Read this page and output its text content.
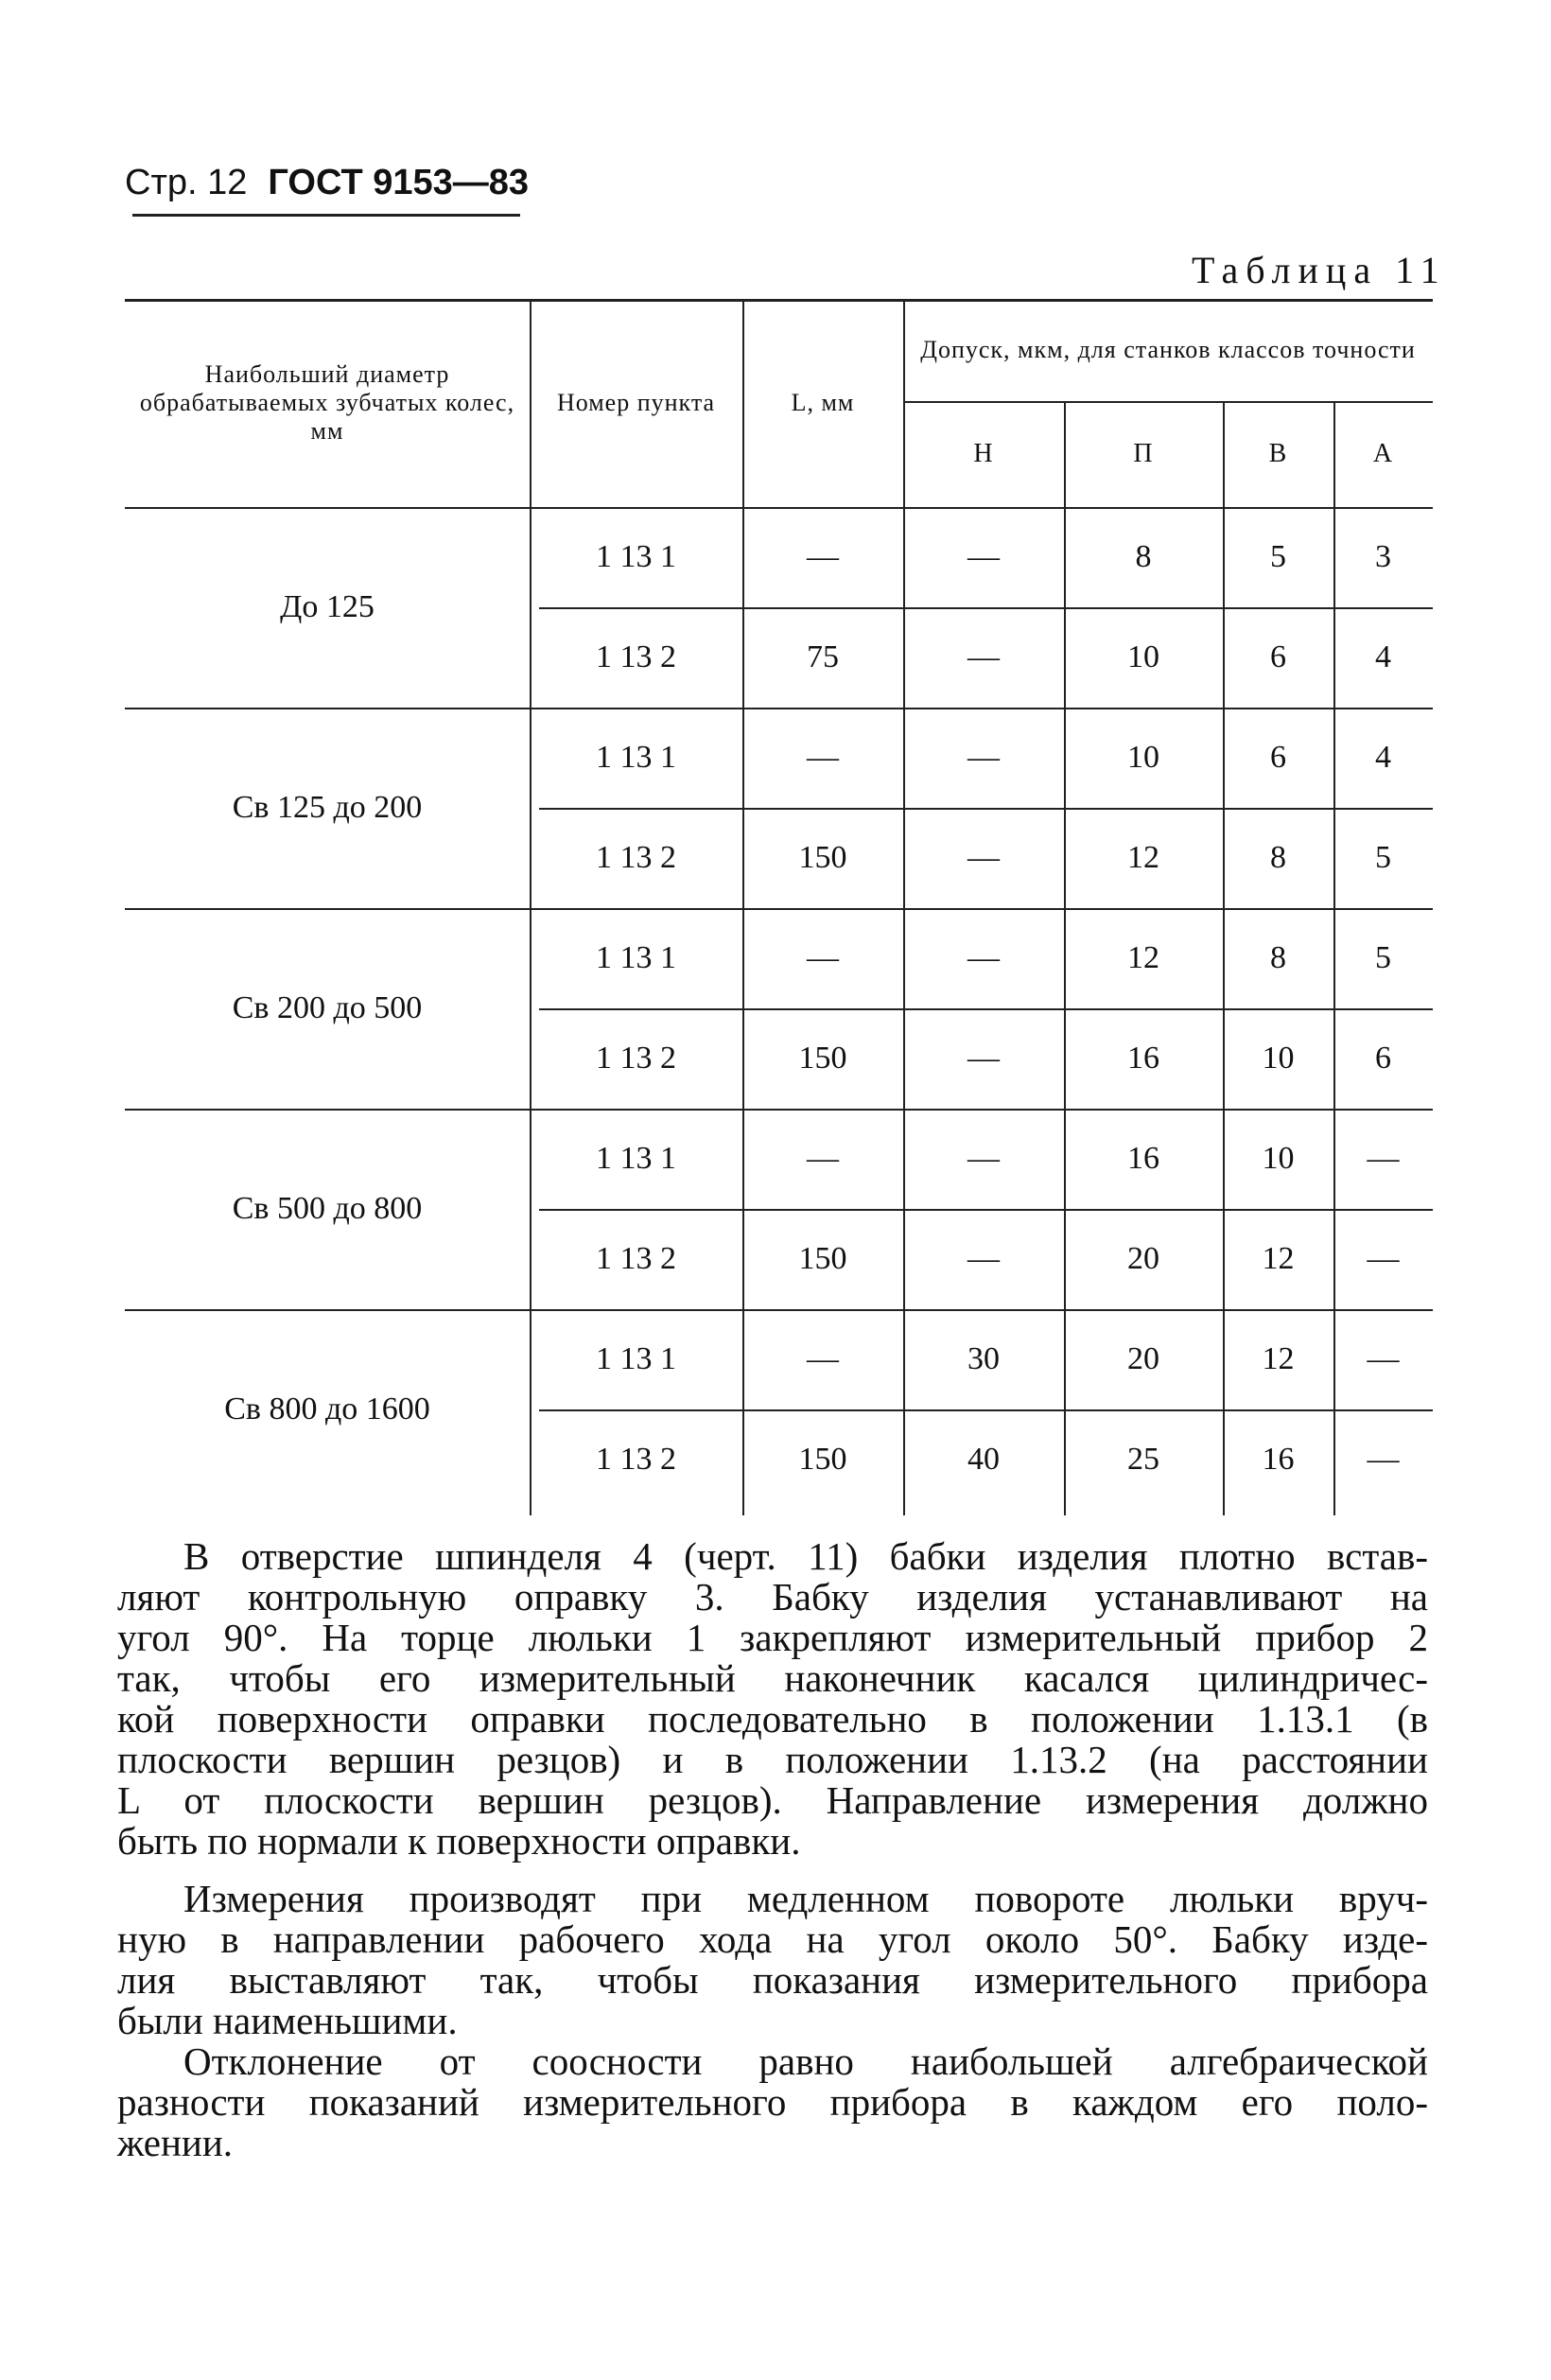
Стр. 12 ГОСТ 9153—83
Таблица 11
Наибольший диаметр обрабатываемых зубчатых колес, мм
Номер пункта	L, мм
Допуск, мкм, для станков классов точности
Н	П	В	А
До 125
1 13 1	—	—	8	5	3
1 13 2	75	—	10	6	4
Св 125 до 200
1 13 1	—	—	10	6	4
1 13 2	150	—	12	8	5
Св 200 до 500
1 13 1	—	—	12	8	5
1 13 2	150	—	16	10	6
Св 500 до 800
1 13 1	—	—	16	10	—
1 13 2	150	—	20	12	—
Св 800 до 1600
1 13 1	—	30	20	12	—
1 13 2	150	40	25	16	—
В отверстие шпинделя 4 (черт. 11) бабки изделия плотно встав-
ляют контрольную оправку 3. Бабку изделия устанавливают на
угол 90°. На торце люльки 1 закрепляют измерительный прибор 2
так, чтобы его измерительный наконечник касался цилиндричес-
кой поверхности оправки последовательно в положении 1.13.1 (в
плоскости вершин резцов) и в положении 1.13.2 (на расстоянии
L от плоскости вершин резцов). Направление измерения должно
быть по нормали к поверхности оправки.
Измерения производят при медленном повороте люльки вруч-
ную в направлении рабочего хода на угол около 50°. Бабку изде-
лия выставляют так, чтобы показания измерительного прибора
были наименьшими.
Отклонение от соосности равно наибольшей алгебраической
разности показаний измерительного прибора в каждом его поло-
жении.
